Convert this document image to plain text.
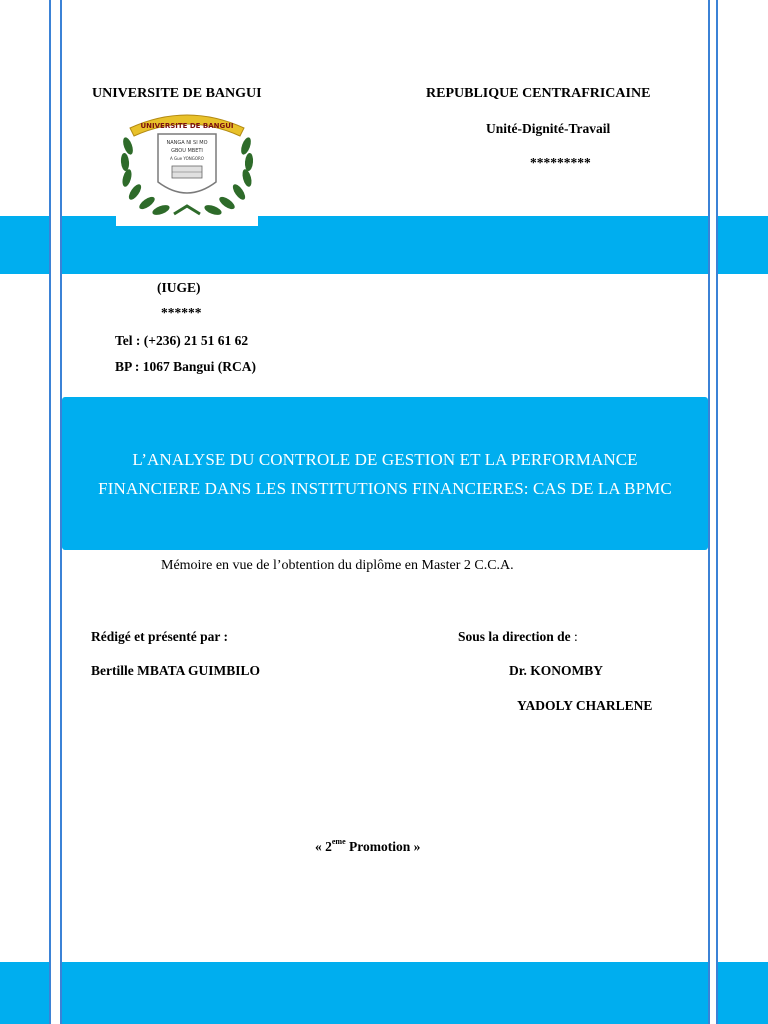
UNIVERSITE DE BANGUI	REPUBLIQUE CENTRAFRICAINE
Unité-Dignité-Travail
*********
UNIVERSITE DE BANGUI
NANGA NI SI MO
GBOU MBETI
A Gue YONGORO
(IUGE)
******
Tel : (+236) 21 51 61 62
BP : 1067 Bangui (RCA)
L’ANALYSE DU CONTROLE DE GESTION ET LA PERFORMANCE
FINANCIERE DANS LES INSTITUTIONS FINANCIERES: CAS DE LA BPMC
Mémoire en vue de l’obtention du diplôme en Master 2 C.C.A.
Rédigé et présenté par :
Bertille MBATA GUIMBILO
Sous la direction de :
Dr. KONOMBY
YADOLY CHARLENE
« 2eme Promotion »
